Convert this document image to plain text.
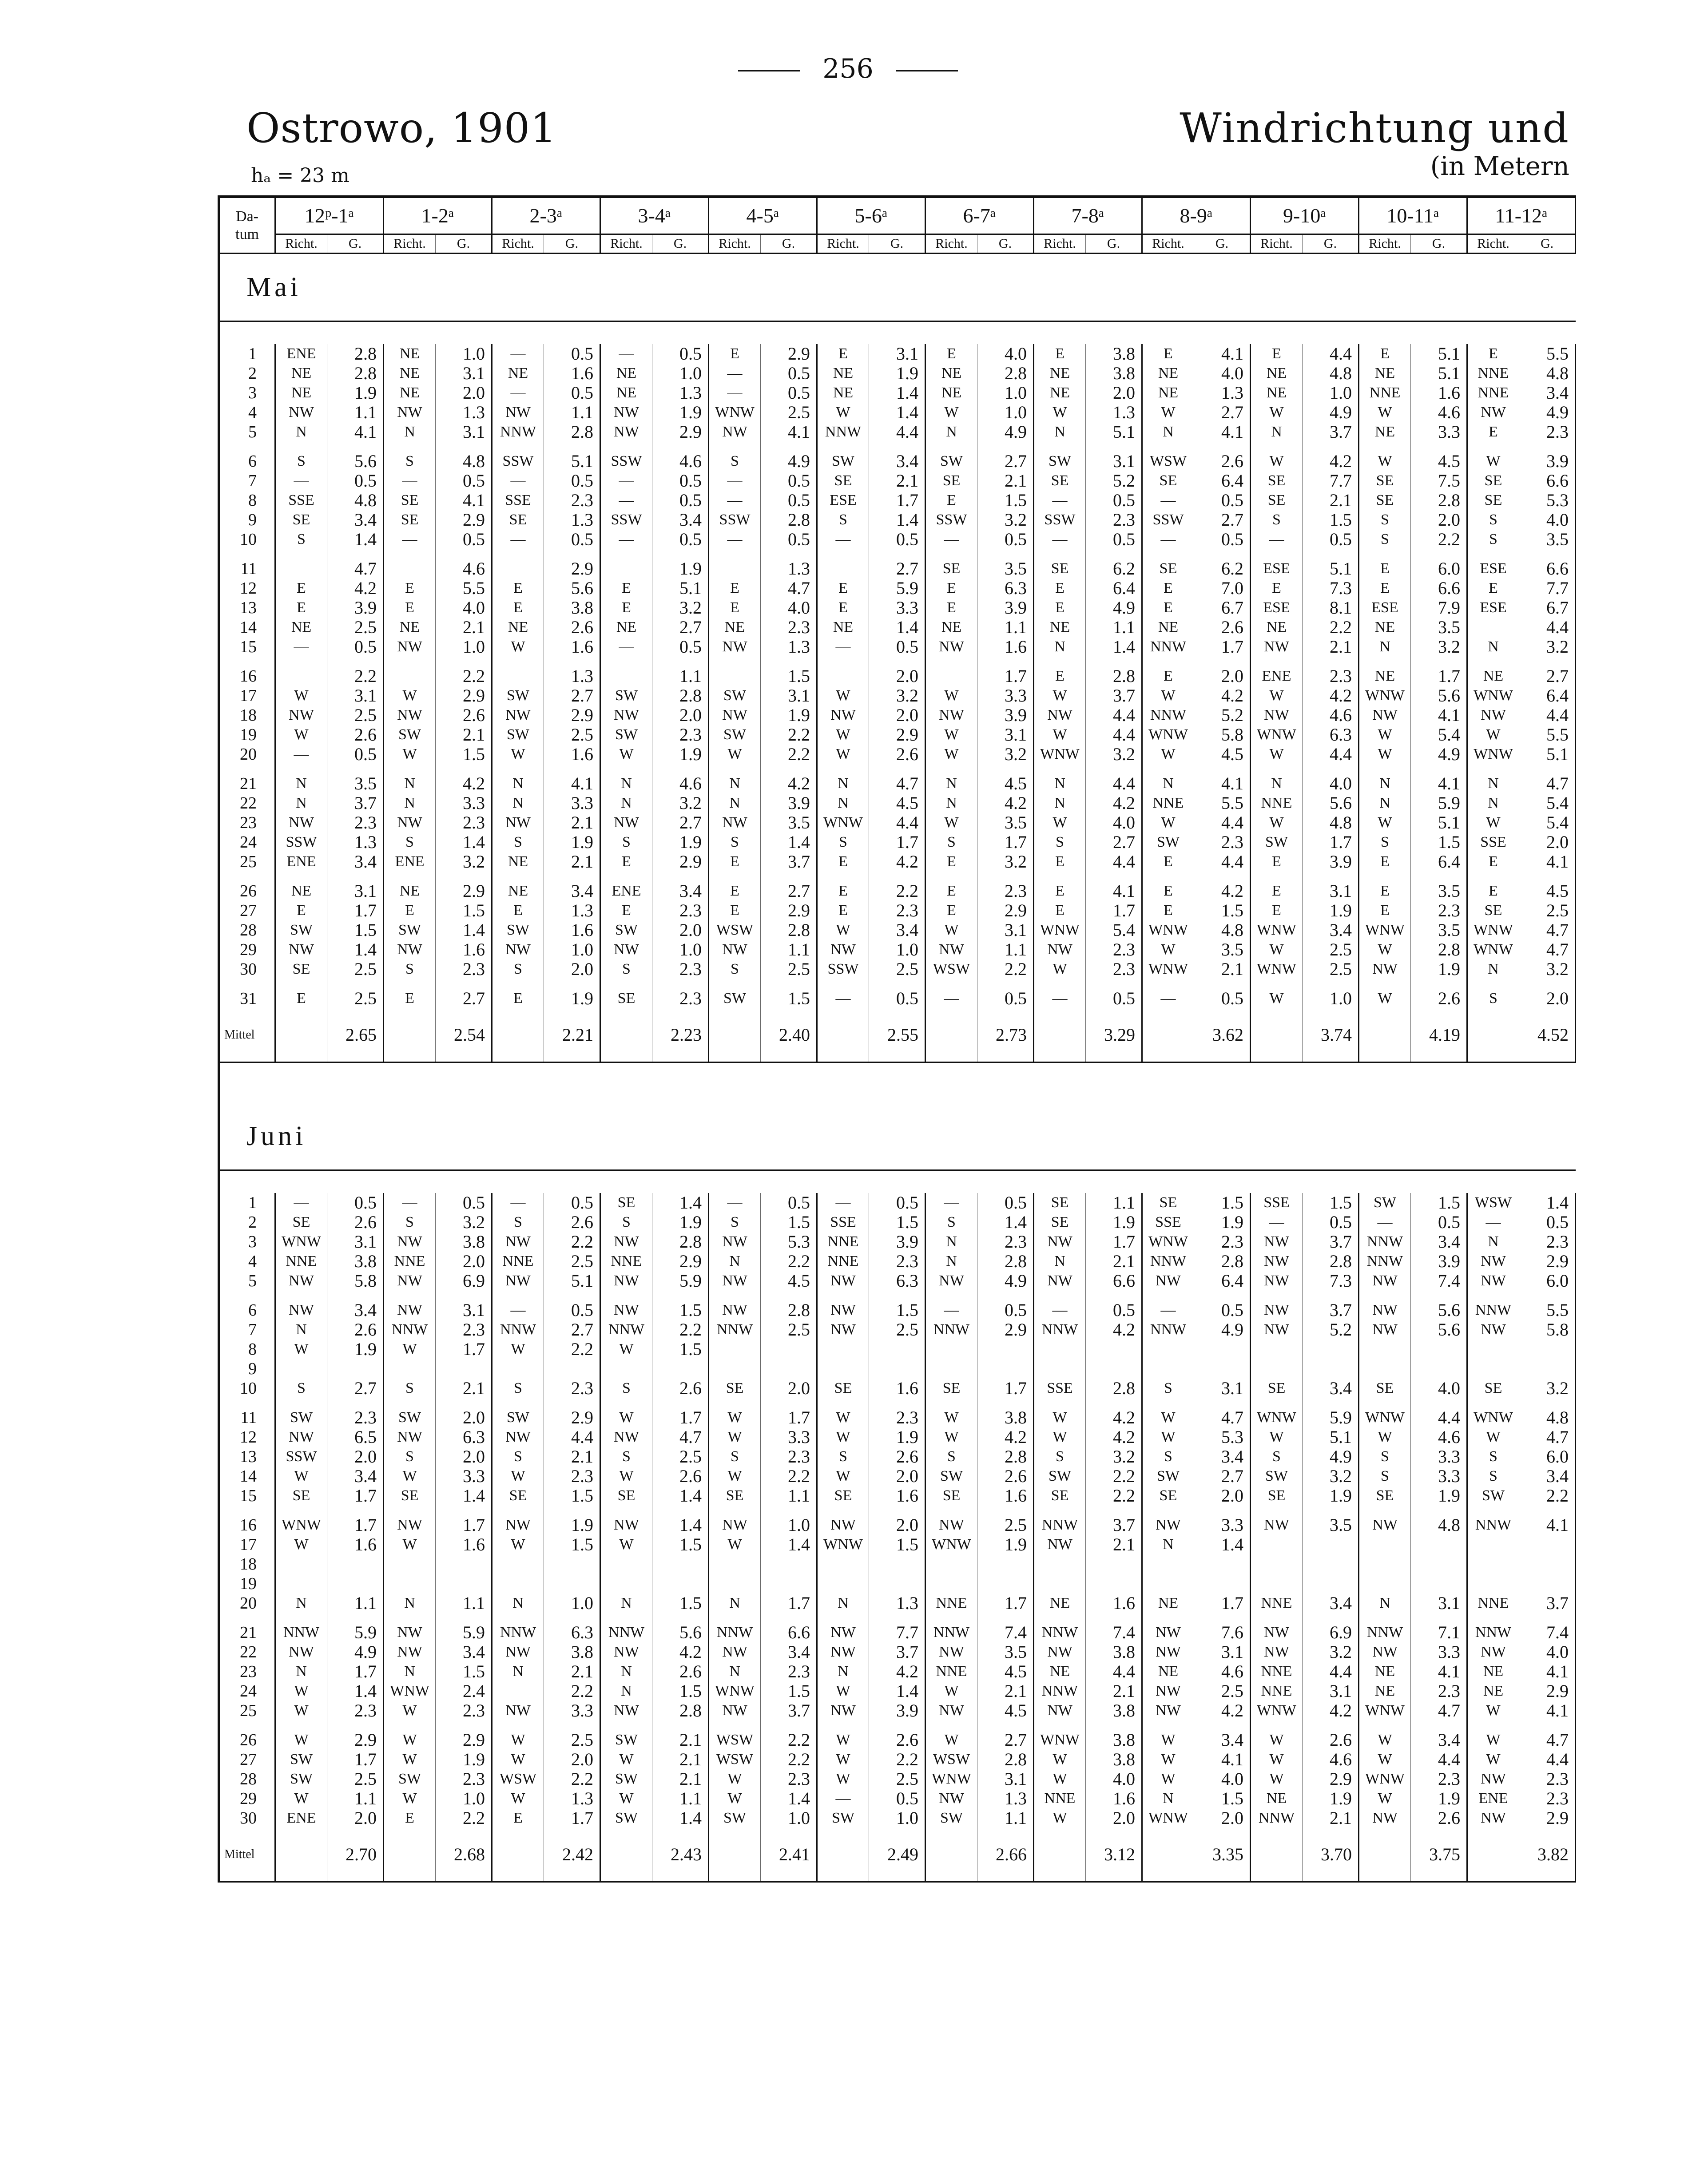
256
Ostrowo, 1901	Windrichtung und
hₐ = 23 m	(in Metern
Da-
tum	12ᵖ-1ᵃ		1-2ᵃ		2-3ᵃ		3-4ᵃ		4-5ᵃ		5-6ᵃ		6-7ᵃ		7-8ᵃ		8-9ᵃ		9-10ᵃ		10-11ᵃ		11-12ᵃ	
	Richt.	G.	Richt.	G.	Richt.	G.	Richt.	G.	Richt.	G.	Richt.	G.	Richt.	G.	Richt.	G.	Richt.	G.	Richt.	G.	Richt.	G.	Richt.	G.
Mai																								

1	ENE	2.8	NE	1.0	—	0.5	—	0.5	E	2.9	E	3.1	E	4.0	E	3.8	E	4.1	E	4.4	E	5.1	E	5.5
2	NE	2.8	NE	3.1	NE	1.6	NE	1.0	—	0.5	NE	1.9	NE	2.8	NE	3.8	NE	4.0	NE	4.8	NE	5.1	NNE	4.8
3	NE	1.9	NE	2.0	—	0.5	NE	1.3	—	0.5	NE	1.4	NE	1.0	NE	2.0	NE	1.3	NE	1.0	NNE	1.6	NNE	3.4
4	NW	1.1	NW	1.3	NW	1.1	NW	1.9	WNW	2.5	W	1.4	W	1.0	W	1.3	W	2.7	W	4.9	W	4.6	NW	4.9
5	N	4.1	N	3.1	NNW	2.8	NW	2.9	NW	4.1	NNW	4.4	N	4.9	N	5.1	N	4.1	N	3.7	NE	3.3	E	2.3

6	S	5.6	S	4.8	SSW	5.1	SSW	4.6	S	4.9	SW	3.4	SW	2.7	SW	3.1	WSW	2.6	W	4.2	W	4.5	W	3.9
7	—	0.5	—	0.5	—	0.5	—	0.5	—	0.5	SE	2.1	SE	2.1	SE	5.2	SE	6.4	SE	7.7	SE	7.5	SE	6.6
8	SSE	4.8	SE	4.1	SSE	2.3	—	0.5	—	0.5	ESE	1.7	E	1.5	—	0.5	—	0.5	SE	2.1	SE	2.8	SE	5.3
9	SE	3.4	SE	2.9	SE	1.3	SSW	3.4	SSW	2.8	S	1.4	SSW	3.2	SSW	2.3	SSW	2.7	S	1.5	S	2.0	S	4.0
10	S	1.4	—	0.5	—	0.5	—	0.5	—	0.5	—	0.5	—	0.5	—	0.5	—	0.5	—	0.5	S	2.2	S	3.5

11		4.7		4.6		2.9		1.9		1.3		2.7	SE	3.5	SE	6.2	SE	6.2	ESE	5.1	E	6.0	ESE	6.6
12	E	4.2	E	5.5	E	5.6	E	5.1	E	4.7	E	5.9	E	6.3	E	6.4	E	7.0	E	7.3	E	6.6	E	7.7
13	E	3.9	E	4.0	E	3.8	E	3.2	E	4.0	E	3.3	E	3.9	E	4.9	E	6.7	ESE	8.1	ESE	7.9	ESE	6.7
14	NE	2.5	NE	2.1	NE	2.6	NE	2.7	NE	2.3	NE	1.4	NE	1.1	NE	1.1	NE	2.6	NE	2.2	NE	3.5		4.4
15	—	0.5	NW	1.0	W	1.6	—	0.5	NW	1.3	—	0.5	NW	1.6	N	1.4	NNW	1.7	NW	2.1	N	3.2	N	3.2

16		2.2		2.2		1.3		1.1		1.5		2.0		1.7	E	2.8	E	2.0	ENE	2.3	NE	1.7	NE	2.7
17	W	3.1	W	2.9	SW	2.7	SW	2.8	SW	3.1	W	3.2	W	3.3	W	3.7	W	4.2	W	4.2	WNW	5.6	WNW	6.4
18	NW	2.5	NW	2.6	NW	2.9	NW	2.0	NW	1.9	NW	2.0	NW	3.9	NW	4.4	NNW	5.2	NW	4.6	NW	4.1	NW	4.4
19	W	2.6	SW	2.1	SW	2.5	SW	2.3	SW	2.2	W	2.9	W	3.1	W	4.4	WNW	5.8	WNW	6.3	W	5.4	W	5.5
20	—	0.5	W	1.5	W	1.6	W	1.9	W	2.2	W	2.6	W	3.2	WNW	3.2	W	4.5	W	4.4	W	4.9	WNW	5.1

21	N	3.5	N	4.2	N	4.1	N	4.6	N	4.2	N	4.7	N	4.5	N	4.4	N	4.1	N	4.0	N	4.1	N	4.7
22	N	3.7	N	3.3	N	3.3	N	3.2	N	3.9	N	4.5	N	4.2	N	4.2	NNE	5.5	NNE	5.6	N	5.9	N	5.4
23	NW	2.3	NW	2.3	NW	2.1	NW	2.7	NW	3.5	WNW	4.4	W	3.5	W	4.0	W	4.4	W	4.8	W	5.1	W	5.4
24	SSW	1.3	S	1.4	S	1.9	S	1.9	S	1.4	S	1.7	S	1.7	S	2.7	SW	2.3	SW	1.7	S	1.5	SSE	2.0
25	ENE	3.4	ENE	3.2	NE	2.1	E	2.9	E	3.7	E	4.2	E	3.2	E	4.4	E	4.4	E	3.9	E	6.4	E	4.1

26	NE	3.1	NE	2.9	NE	3.4	ENE	3.4	E	2.7	E	2.2	E	2.3	E	4.1	E	4.2	E	3.1	E	3.5	E	4.5
27	E	1.7	E	1.5	E	1.3	E	2.3	E	2.9	E	2.3	E	2.9	E	1.7	E	1.5	E	1.9	E	2.3	SE	2.5
28	SW	1.5	SW	1.4	SW	1.6	SW	2.0	WSW	2.8	W	3.4	W	3.1	WNW	5.4	WNW	4.8	WNW	3.4	WNW	3.5	WNW	4.7
29	NW	1.4	NW	1.6	NW	1.0	NW	1.0	NW	1.1	NW	1.0	NW	1.1	NW	2.3	W	3.5	W	2.5	W	2.8	WNW	4.7
30	SE	2.5	S	2.3	S	2.0	S	2.3	S	2.5	SSW	2.5	WSW	2.2	W	2.3	WNW	2.1	WNW	2.5	NW	1.9	N	3.2

31	E	2.5	E	2.7	E	1.9	SE	2.3	SW	1.5	—	0.5	—	0.5	—	0.5	—	0.5	W	1.0	W	2.6	S	2.0
Mittel		2.65		2.54		2.21		2.23		2.40		2.55		2.73		3.29		3.62		3.74		4.19		4.52

Juni																								

1	—	0.5	—	0.5	—	0.5	SE	1.4	—	0.5	—	0.5	—	0.5	SE	1.1	SE	1.5	SSE	1.5	SW	1.5	WSW	1.4
2	SE	2.6	S	3.2	S	2.6	S	1.9	S	1.5	SSE	1.5	S	1.4	SE	1.9	SSE	1.9	—	0.5	—	0.5	—	0.5
3	WNW	3.1	NW	3.8	NW	2.2	NW	2.8	NW	5.3	NNE	3.9	N	2.3	NW	1.7	WNW	2.3	NW	3.7	NNW	3.4	N	2.3
4	NNE	3.8	NNE	2.0	NNE	2.5	NNE	2.9	N	2.2	NNE	2.3	N	2.8	N	2.1	NNW	2.8	NW	2.8	NNW	3.9	NW	2.9
5	NW	5.8	NW	6.9	NW	5.1	NW	5.9	NW	4.5	NW	6.3	NW	4.9	NW	6.6	NW	6.4	NW	7.3	NW	7.4	NW	6.0

6	NW	3.4	NW	3.1	—	0.5	NW	1.5	NW	2.8	NW	1.5	—	0.5	—	0.5	—	0.5	NW	3.7	NW	5.6	NNW	5.5
7	N	2.6	NNW	2.3	NNW	2.7	NNW	2.2	NNW	2.5	NW	2.5	NNW	2.9	NNW	4.2	NNW	4.9	NW	5.2	NW	5.6	NW	5.8
8	W	1.9	W	1.7	W	2.2	W	1.5																
9																								
10	S	2.7	S	2.1	S	2.3	S	2.6	SE	2.0	SE	1.6	SE	1.7	SSE	2.8	S	3.1	SE	3.4	SE	4.0	SE	3.2

11	SW	2.3	SW	2.0	SW	2.9	W	1.7	W	1.7	W	2.3	W	3.8	W	4.2	W	4.7	WNW	5.9	WNW	4.4	WNW	4.8
12	NW	6.5	NW	6.3	NW	4.4	NW	4.7	W	3.3	W	1.9	W	4.2	W	4.2	W	5.3	W	5.1	W	4.6	W	4.7
13	SSW	2.0	S	2.0	S	2.1	S	2.5	S	2.3	S	2.6	S	2.8	S	3.2	S	3.4	S	4.9	S	3.3	S	6.0
14	W	3.4	W	3.3	W	2.3	W	2.6	W	2.2	W	2.0	SW	2.6	SW	2.2	SW	2.7	SW	3.2	S	3.3	S	3.4
15	SE	1.7	SE	1.4	SE	1.5	SE	1.4	SE	1.1	SE	1.6	SE	1.6	SE	2.2	SE	2.0	SE	1.9	SE	1.9	SW	2.2

16	WNW	1.7	NW	1.7	NW	1.9	NW	1.4	NW	1.0	NW	2.0	NW	2.5	NNW	3.7	NW	3.3	NW	3.5	NW	4.8	NNW	4.1
17	W	1.6	W	1.6	W	1.5	W	1.5	W	1.4	WNW	1.5	WNW	1.9	NW	2.1	N	1.4						
18																								
19																								
20	N	1.1	N	1.1	N	1.0	N	1.5	N	1.7	N	1.3	NNE	1.7	NE	1.6	NE	1.7	NNE	3.4	N	3.1	NNE	3.7

21	NNW	5.9	NW	5.9	NNW	6.3	NNW	5.6	NNW	6.6	NW	7.7	NNW	7.4	NNW	7.4	NW	7.6	NW	6.9	NNW	7.1	NNW	7.4
22	NW	4.9	NW	3.4	NW	3.8	NW	4.2	NW	3.4	NW	3.7	NW	3.5	NW	3.8	NW	3.1	NW	3.2	NW	3.3	NW	4.0
23	N	1.7	N	1.5	N	2.1	N	2.6	N	2.3	N	4.2	NNE	4.5	NE	4.4	NE	4.6	NNE	4.4	NE	4.1	NE	4.1
24	W	1.4	WNW	2.4		2.2	N	1.5	WNW	1.5	W	1.4	W	2.1	NNW	2.1	NW	2.5	NNE	3.1	NE	2.3	NE	2.9
25	W	2.3	W	2.3	NW	3.3	NW	2.8	NW	3.7	NW	3.9	NW	4.5	NW	3.8	NW	4.2	WNW	4.2	WNW	4.7	W	4.1

26	W	2.9	W	2.9	W	2.5	SW	2.1	WSW	2.2	W	2.6	W	2.7	WNW	3.8	W	3.4	W	2.6	W	3.4	W	4.7
27	SW	1.7	W	1.9	W	2.0	W	2.1	WSW	2.2	W	2.2	WSW	2.8	W	3.8	W	4.1	W	4.6	W	4.4	W	4.4
28	SW	2.5	SW	2.3	WSW	2.2	SW	2.1	W	2.3	W	2.5	WNW	3.1	W	4.0	W	4.0	W	2.9	WNW	2.3	NW	2.3
29	W	1.1	W	1.0	W	1.3	W	1.1	W	1.4	—	0.5	NW	1.3	NNE	1.6	N	1.5	NE	1.9	W	1.9	ENE	2.3
30	ENE	2.0	E	2.2	E	1.7	SW	1.4	SW	1.0	SW	1.0	SW	1.1	W	2.0	WNW	2.0	NNW	2.1	NW	2.6	NW	2.9
Mittel		2.70		2.68		2.42		2.43		2.41		2.49		2.66		3.12		3.35		3.70		3.75		3.82
